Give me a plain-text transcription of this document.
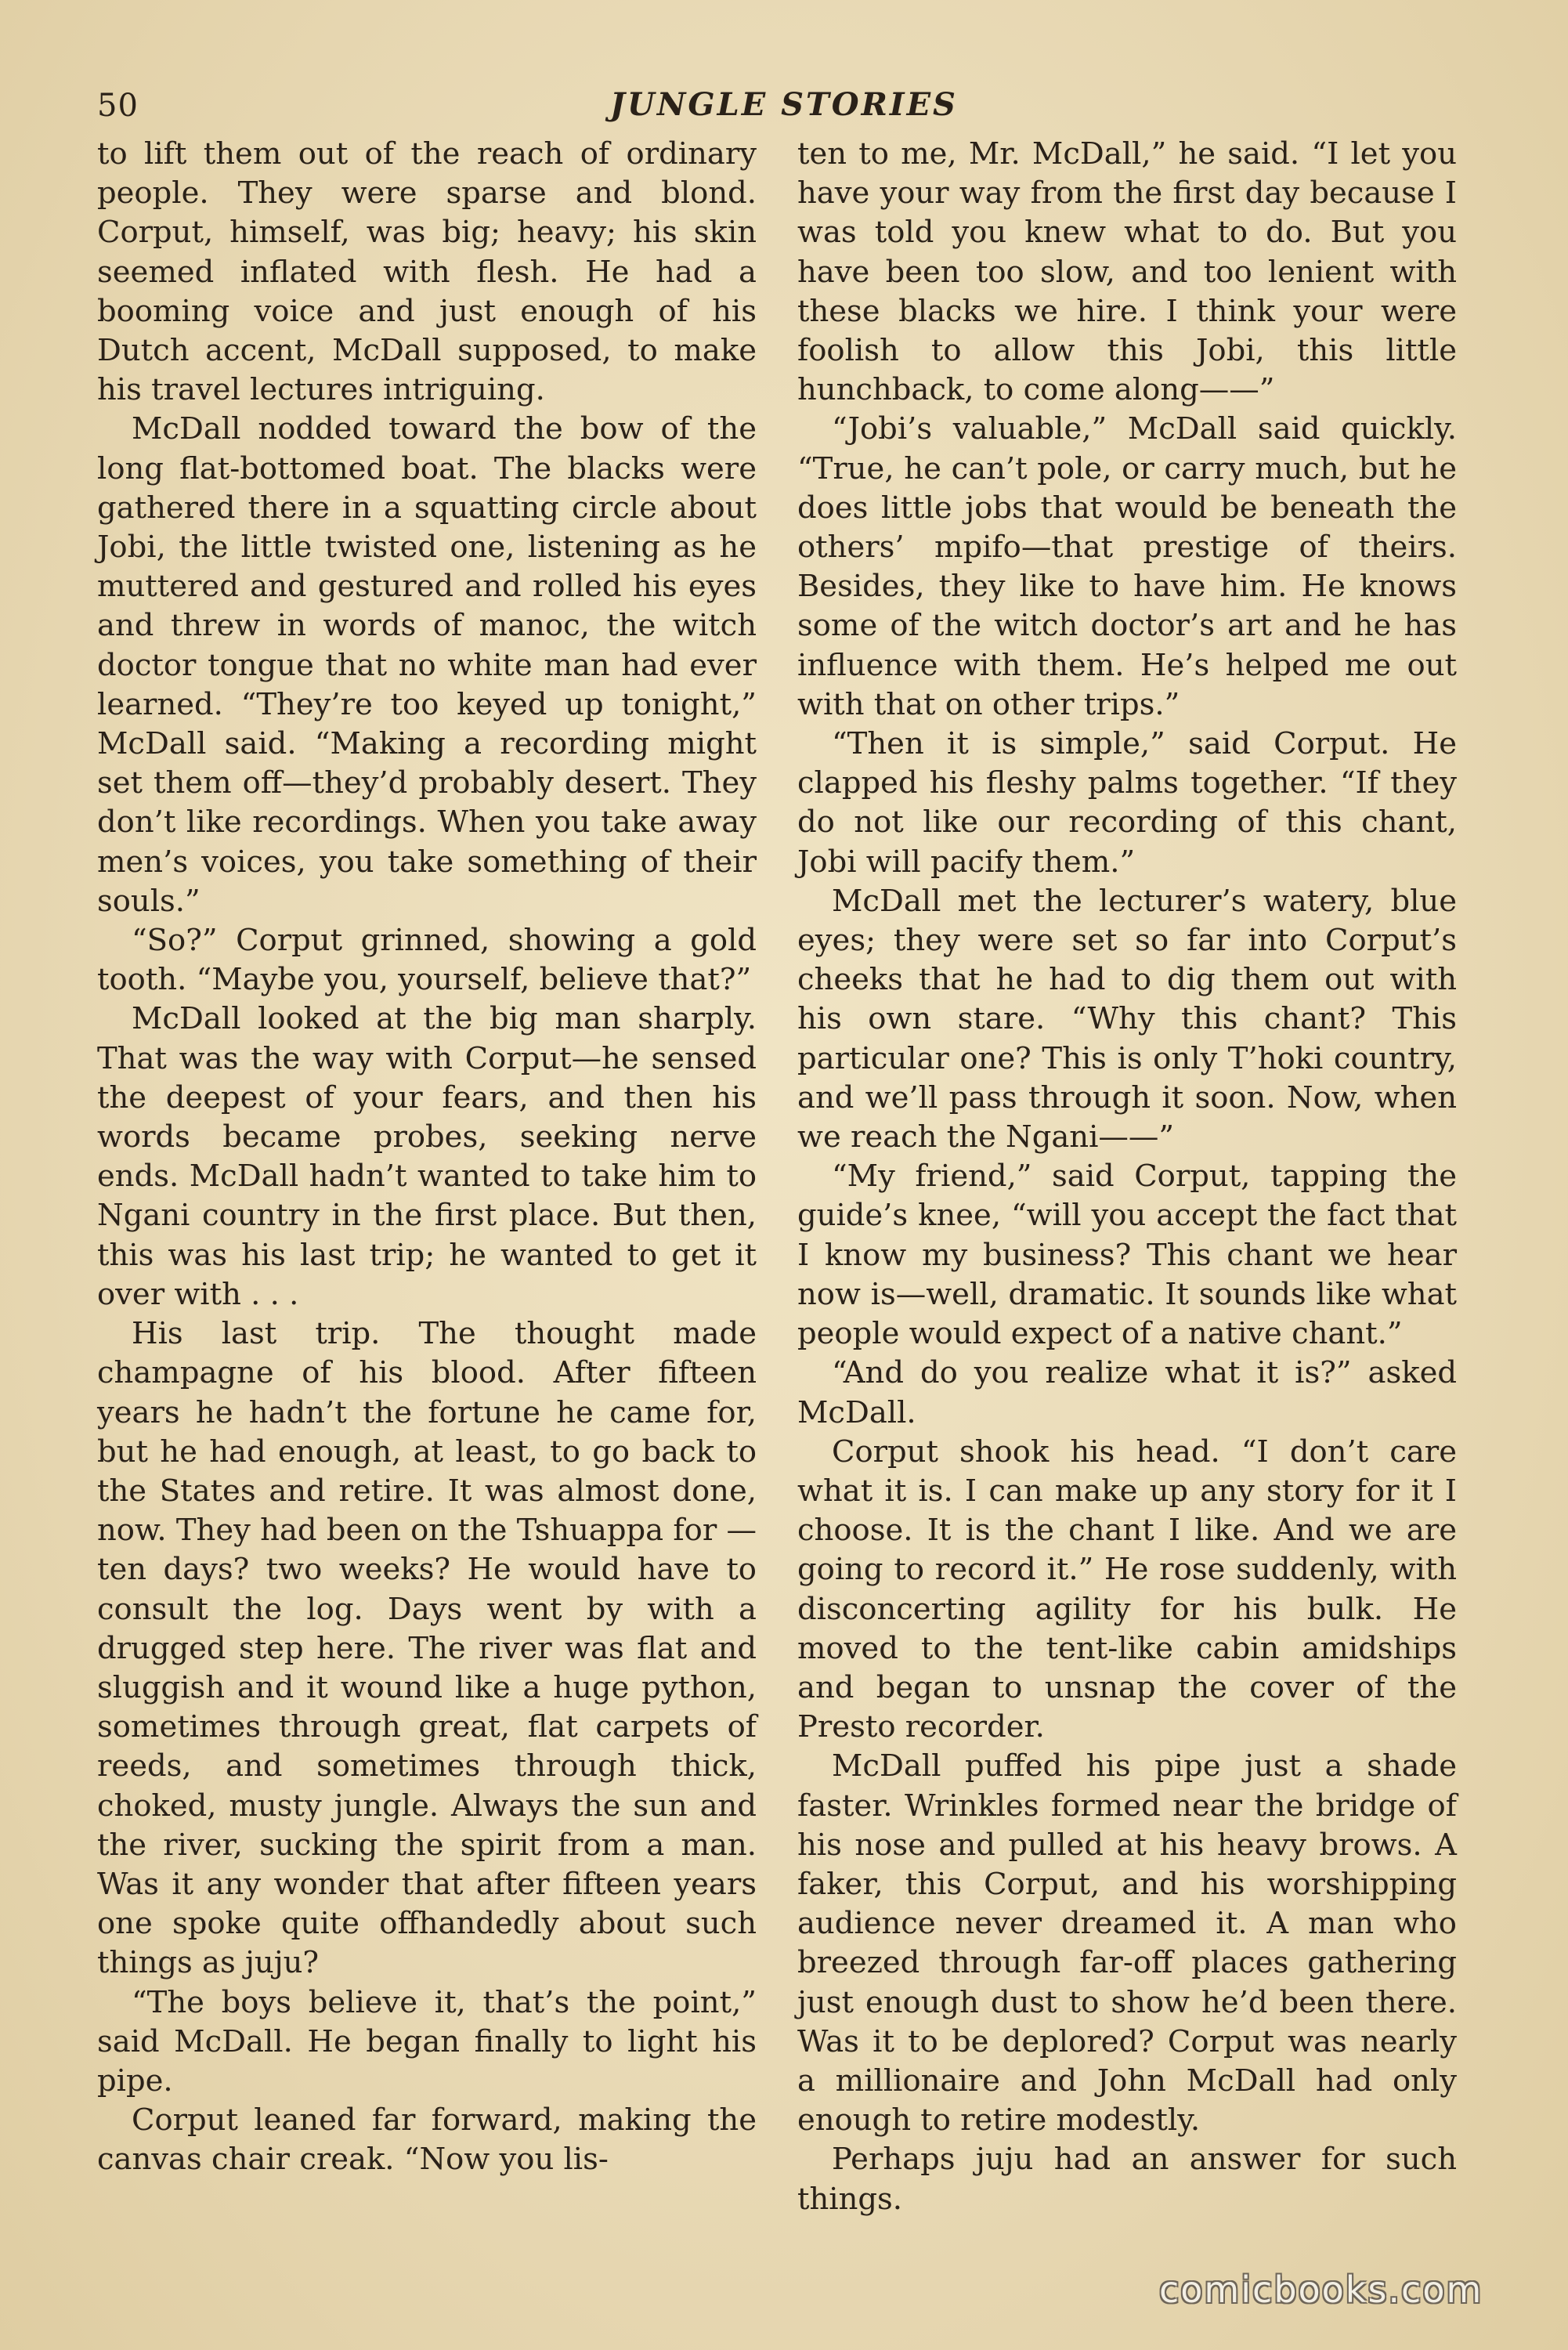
50	JUNGLE STORIES

to lift them out of the reach of ordinary people. They were sparse and blond. Corput, himself, was big; heavy; his skin seemed inflated with flesh. He had a booming voice and just enough of his Dutch accent, McDall supposed, to make his travel lectures intriguing.

McDall nodded toward the bow of the long flat-bottomed boat. The blacks were gathered there in a squatting circle about Jobi, the little twisted one, listening as he muttered and gestured and rolled his eyes and threw in words of manoc, the witch doctor tongue that no white man had ever learned. “They’re too keyed up tonight,” McDall said. “Making a recording might set them off—they’d probably desert. They don’t like recordings. When you take away men’s voices, you take something of their souls.”

“So?” Corput grinned, showing a gold tooth. “Maybe you, yourself, believe that?”

McDall looked at the big man sharply. That was the way with Corput—he sensed the deepest of your fears, and then his words became probes, seeking nerve ends. McDall hadn’t wanted to take him to Ngani country in the first place. But then, this was his last trip; he wanted to get it over with . . .

His last trip. The thought made champagne of his blood. After fifteen years he hadn’t the fortune he came for, but he had enough, at least, to go back to the States and retire. It was almost done, now. They had been on the Tshuappa for — ten days? two weeks? He would have to consult the log. Days went by with a drugged step here. The river was flat and sluggish and it wound like a huge python, sometimes through great, flat carpets of reeds, and sometimes through thick, choked, musty jungle. Always the sun and the river, sucking the spirit from a man. Was it any wonder that after fifteen years one spoke quite offhandedly about such things as juju?

“The boys believe it, that’s the point,” said McDall. He began finally to light his pipe.

Corput leaned far forward, making the canvas chair creak. “Now you lis-

ten to me, Mr. McDall,” he said. “I let you have your way from the first day because I was told you knew what to do. But you have been too slow, and too lenient with these blacks we hire. I think your were foolish to allow this Jobi, this little hunchback, to come along——”

“Jobi’s valuable,” McDall said quickly. “True, he can’t pole, or carry much, but he does little jobs that would be beneath the others’ mpifo—that prestige of theirs. Besides, they like to have him. He knows some of the witch doctor’s art and he has influence with them. He’s helped me out with that on other trips.”

“Then it is simple,” said Corput. He clapped his fleshy palms together. “If they do not like our recording of this chant, Jobi will pacify them.”

McDall met the lecturer’s watery, blue eyes; they were set so far into Corput’s cheeks that he had to dig them out with his own stare. “Why this chant? This particular one? This is only T’hoki country, and we’ll pass through it soon. Now, when we reach the Ngani——”

“My friend,” said Corput, tapping the guide’s knee, “will you accept the fact that I know my business? This chant we hear now is—well, dramatic. It sounds like what people would expect of a native chant.”

“And do you realize what it is?” asked McDall.

Corput shook his head. “I don’t care what it is. I can make up any story for it I choose. It is the chant I like. And we are going to record it.” He rose suddenly, with disconcerting agility for his bulk. He moved to the tent-like cabin amidships and began to unsnap the cover of the Presto recorder.

McDall puffed his pipe just a shade faster. Wrinkles formed near the bridge of his nose and pulled at his heavy brows. A faker, this Corput, and his worshipping audience never dreamed it. A man who breezed through far-off places gathering just enough dust to show he’d been there. Was it to be deplored? Corput was nearly a millionaire and John McDall had only enough to retire modestly.

Perhaps juju had an answer for such things.

comicbooks.com
